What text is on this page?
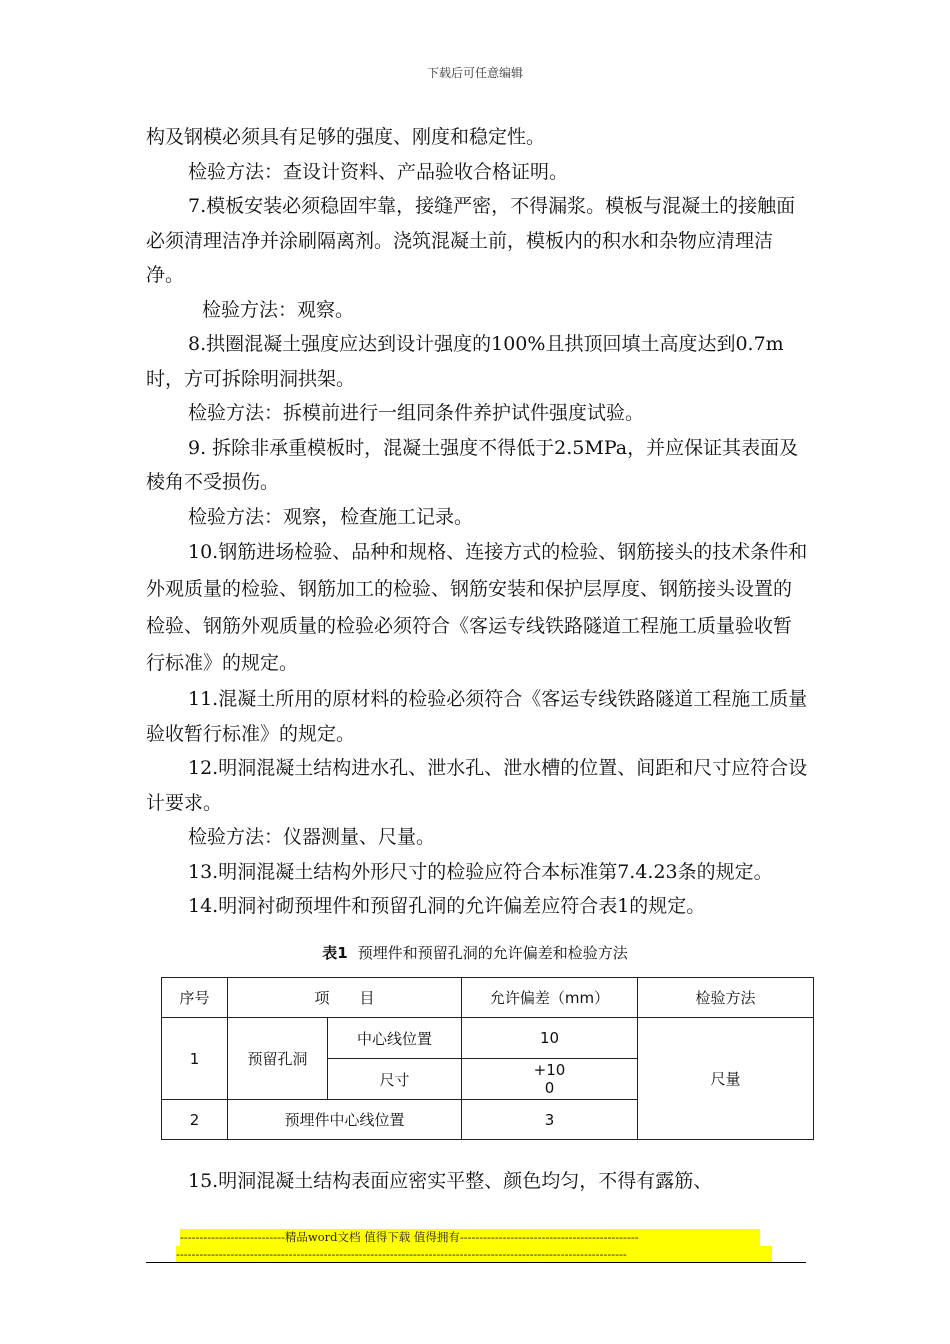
下载后可任意编辑

构及钢模必须具有足够的强度、刚度和稳定性。

检验方法：查设计资料、产品验收合格证明。

7.模板安装必须稳固牢靠，接缝严密，不得漏浆。模板与混凝土的接触面必须清理洁净并涂刷隔离剂。浇筑混凝土前，模板内的积水和杂物应清理洁净。

检验方法：观察。

8.拱圈混凝土强度应达到设计强度的100%且拱顶回填土高度达到0.7m时，方可拆除明洞拱架。

检验方法：拆模前进行一组同条件养护试件强度试验。

9. 拆除非承重模板时，混凝土强度不得低于2.5MPa，并应保证其表面及棱角不受损伤。

检验方法：观察，检查施工记录。

10.钢筋进场检验、品种和规格、连接方式的检验、钢筋接头的技术条件和外观质量的检验、钢筋加工的检验、钢筋安装和保护层厚度、钢筋接头设置的检验、钢筋外观质量的检验必须符合《客运专线铁路隧道工程施工质量验收暂行标准》的规定。

11.混凝土所用的原材料的检验必须符合《客运专线铁路隧道工程施工质量验收暂行标准》的规定。

12.明洞混凝土结构进水孔、泄水孔、泄水槽的位置、间距和尺寸应符合设计要求。

检验方法：仪器测量、尺量。

13.明洞混凝土结构外形尺寸的检验应符合本标准第7.4.23条的规定。

14.明洞衬砌预埋件和预留孔洞的允许偏差应符合表1的规定。

表1 预埋件和预留孔洞的允许偏差和检验方法
序号	项　　目		允许偏差（mm）	检验方法
1	预留孔洞	中心线位置	10	尺量
		尺寸	+10
0	

2	预埋件中心线位置		3	
15.明洞混凝土结构表面应密实平整、颜色均匀，不得有露筋、
---------------------------精品word文档 值得下载 值得拥有----------------------------------------------
--------------------------------------------------------------------------------------------------------------------
